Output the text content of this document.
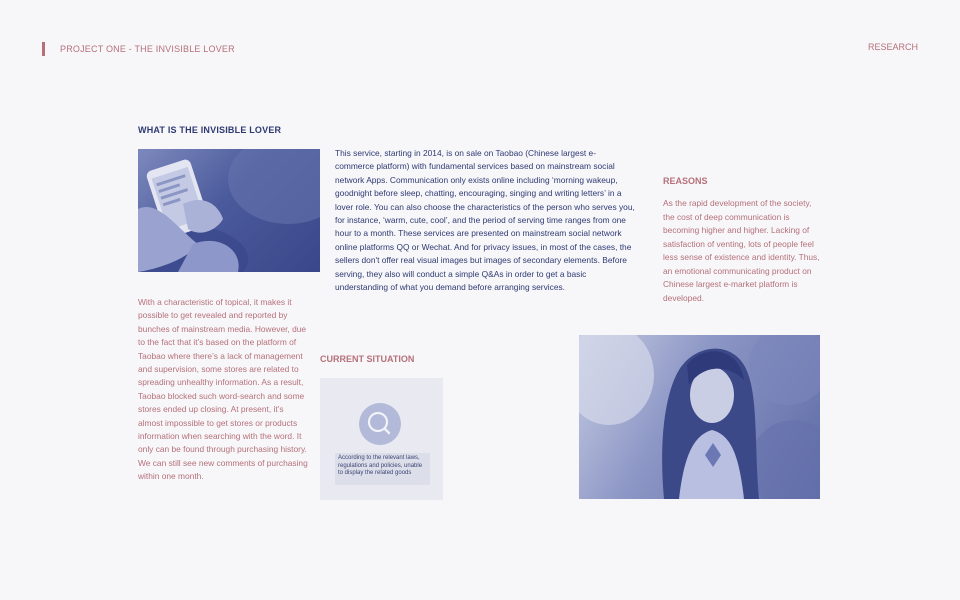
PROJECT ONE - THE INVISIBLE LOVER	RESEARCH
WHAT IS THE INVISIBLE LOVER
This service, starting in 2014, is on sale on Taobao (Chinese largest e-commerce platform) with fundamental services based on mainstream social network Apps. Communication only exists online including ‘morning wakeup, goodnight before sleep, chatting, encouraging, singing and writing letters’ in a lover role. You can also choose the characteristics of the person who serves you, for instance, ‘warm, cute, cool’, and the period of serving time ranges from one hour to a month. These services are presented on mainstream social network online platforms QQ or Wechat. And for privacy issues, in most of the cases, the sellers don't offer real visual images but images of secondary elements. Before serving, they also will conduct a simple Q&As in order to get a basic understanding of what you demand before arranging services.
With a characteristic of topical, it makes it possible to get revealed and reported by bunches of mainstream media. However, due to the fact that it’s based on the platform of Taobao where there’s a lack of management and supervision, some stores are related to spreading unhealthy information. As a result, Taobao blocked such word-search and some stores ended up closing. At present, it’s almost impossible to get stores or products information when searching with the word. It only can be found through purchasing history. We can still see new comments of purchasing within one month.
CURRENT SITUATION
According to the relevant laws, regulations and policies, unable to display the related goods
REASONS
As the rapid development of the society, the cost of deep communication is becoming higher and higher. Lacking of satisfaction of venting, lots of people feel less sense of existence and identity. Thus, an emotional communicating product on Chinese largest e-market platform is developed.
